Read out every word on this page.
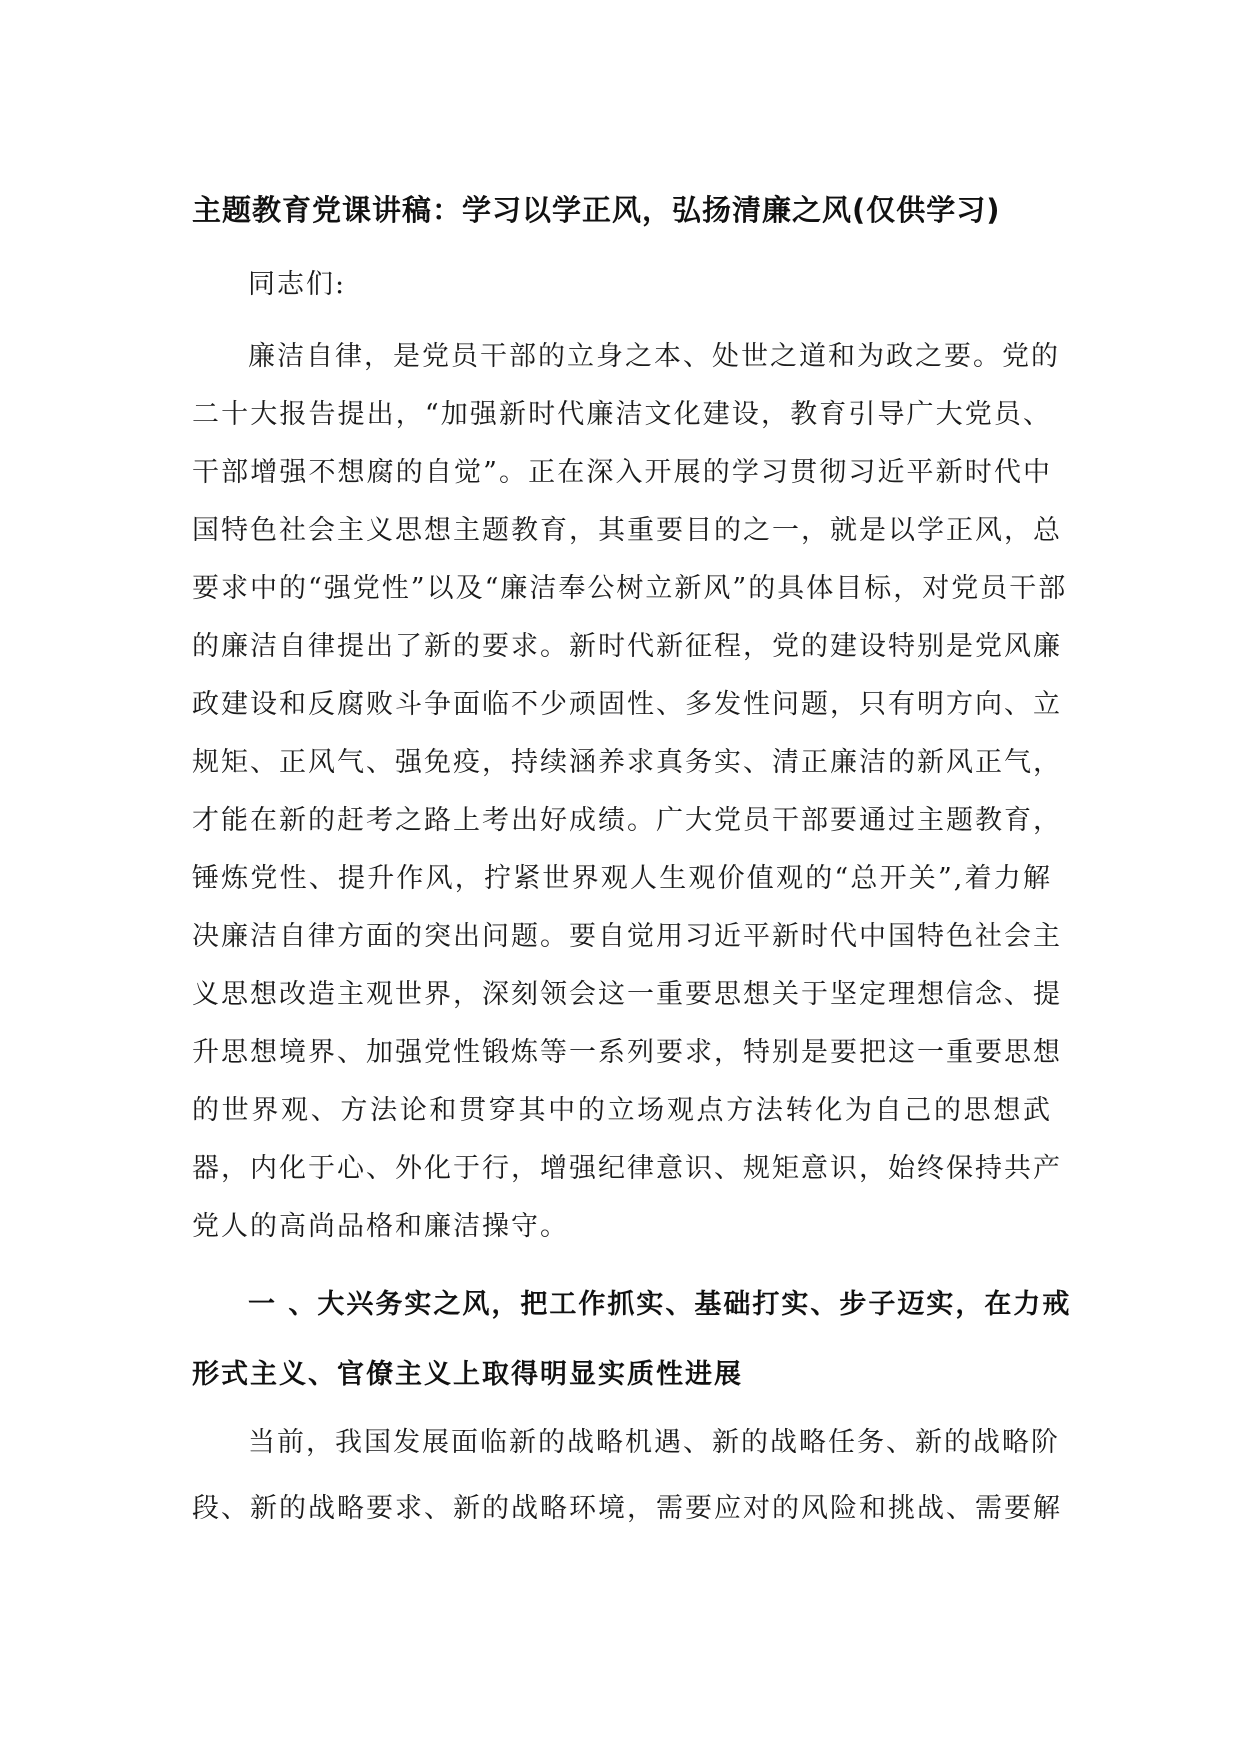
主题教育党课讲稿：学习以学正风，弘扬清廉之风(仅供学习)
同志们:
廉洁自律，是党员干部的立身之本、处世之道和为政之要。党的
二十大报告提出，“加强新时代廉洁文化建设，教育引导广大党员、
干部增强不想腐的自觉”。正在深入开展的学习贯彻习近平新时代中
国特色社会主义思想主题教育，其重要目的之一，就是以学正风，总
要求中的“强党性”以及“廉洁奉公树立新风”的具体目标，对党员干部
的廉洁自律提出了新的要求。新时代新征程，党的建设特别是党风廉
政建设和反腐败斗争面临不少顽固性、多发性问题，只有明方向、立
规矩、正风气、强免疫，持续涵养求真务实、清正廉洁的新风正气，
才能在新的赶考之路上考出好成绩。广大党员干部要通过主题教育，
锤炼党性、提升作风，拧紧世界观人生观价值观的“总开关”,着力解
决廉洁自律方面的突出问题。要自觉用习近平新时代中国特色社会主
义思想改造主观世界，深刻领会这一重要思想关于坚定理想信念、提
升思想境界、加强党性锻炼等一系列要求，特别是要把这一重要思想
的世界观、方法论和贯穿其中的立场观点方法转化为自己的思想武
器，内化于心、外化于行，增强纪律意识、规矩意识，始终保持共产
党人的高尚品格和廉洁操守。
一 、大兴务实之风，把工作抓实、基础打实、步子迈实，在力戒
形式主义、官僚主义上取得明显实质性进展
当前，我国发展面临新的战略机遇、新的战略任务、新的战略阶
段、新的战略要求、新的战略环境，需要应对的风险和挑战、需要解
